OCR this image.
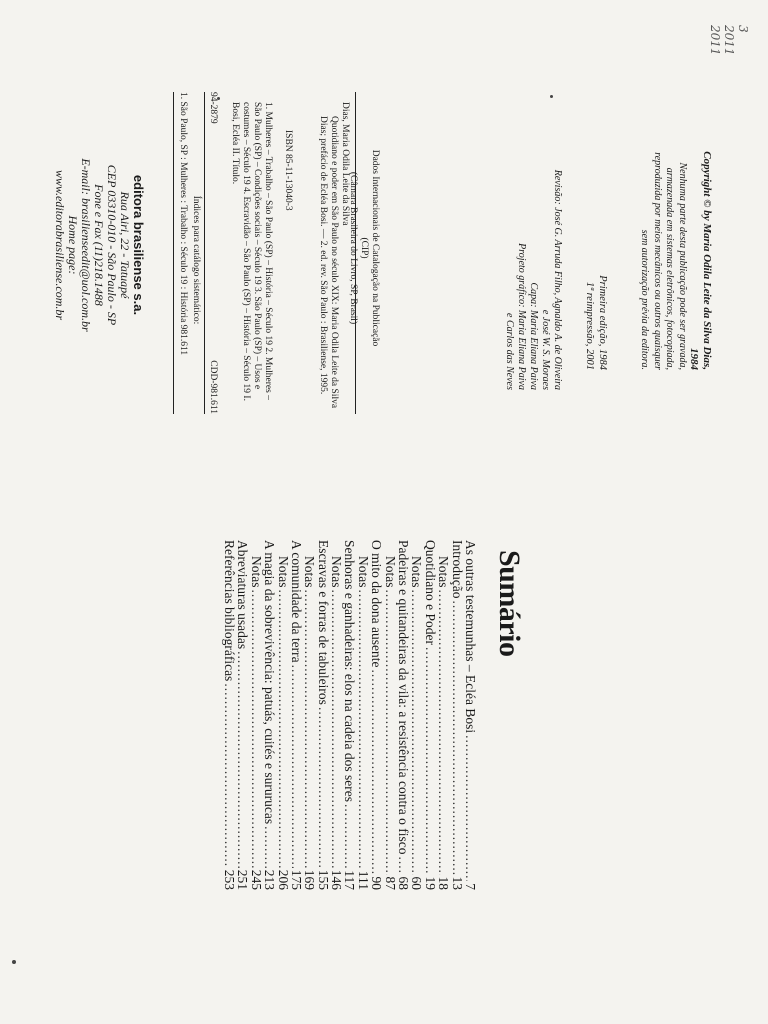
3
2011
2011
Copyright © by Maria Odila Leite da Silva Dias, 1984
Nenhuma parte desta publicação pode ser gravada,
armazenada em sistemas eletrônicos, fotocopiada,
reproduzida por meios mecânicos ou outros quaisquer
sem autorização prévia da editora.
Primeira edição, 1984
1ª reimpressão, 2001
Revisão: José G. Arruda Filho, Agnaldo A. de Oliveira
e José W. S. Moraes
Capa: Maria Eliana Paiva
Projeto gráfico: Maria Eliana Paiva
e Carlos das Neves
Dados Internacionais de Catalogação na Publicação (CIP)
(Câmara Brasileira do Livro, SP, Brasil)
Dias, Maria Odila Leite da Silva
Quotidiano e poder em São Paulo no século XIX: Maria Odila Leite da Silva Dias; prefácio de Ecléa Bosi. — 2. ed. rev. São Paulo : Brasiliense, 1995.
ISBN 85-11-13040-3
1. Mulheres – Trabalho – São Paulo (SP) – História – Século 19 2. Mulheres – São Paulo (SP) – Condições sociais – Século 19 3. São Paulo (SP) – Usos e costumes – Século 19 4. Escravidão – São Paulo (SP) – História – Século 19 I. Bosi, Ecléa II. Título.
94-2879
CDD-981.611
Índices para catálogo sistemático:
1. São Paulo, SP : Mulheres : Trabalho : Século 19 : História 981.611
editora brasiliense s.a.
Rua Airi, 22 - Tatuapé
CEP 03310-010 - São Paulo - SP
Fone e Fax (11)218.1488
E-mail: brasilienseedit@uol.com.br
Home page: www.editorabrasiliense.com.br
Sumário
As outras testemunhas – Ecléa Bosi
.....
7
Introdução
.....
13
Notas
.....
18
Quotidiano e Poder
.....
19
Notas
.....
60
Padeiras e quitandeiras da vila: a resistência contra o fisco
.....
68
Notas
.....
87
O mito da dona ausente
.....
90
Notas
.....
111
Senhoras e ganhadeiras: elos na cadeia dos seres
.....
117
Notas
.....
146
Escravas e forras de tabuleiros
.....
155
Notas
.....
169
A comunidade da terra
.....
175
Notas
.....
206
A magia da sobrevivência: patuás, cuités e sururucas
.....
213
Notas
.....
245
Abreviaturas usadas
.....
251
Referências bibliográficas
.....
253
